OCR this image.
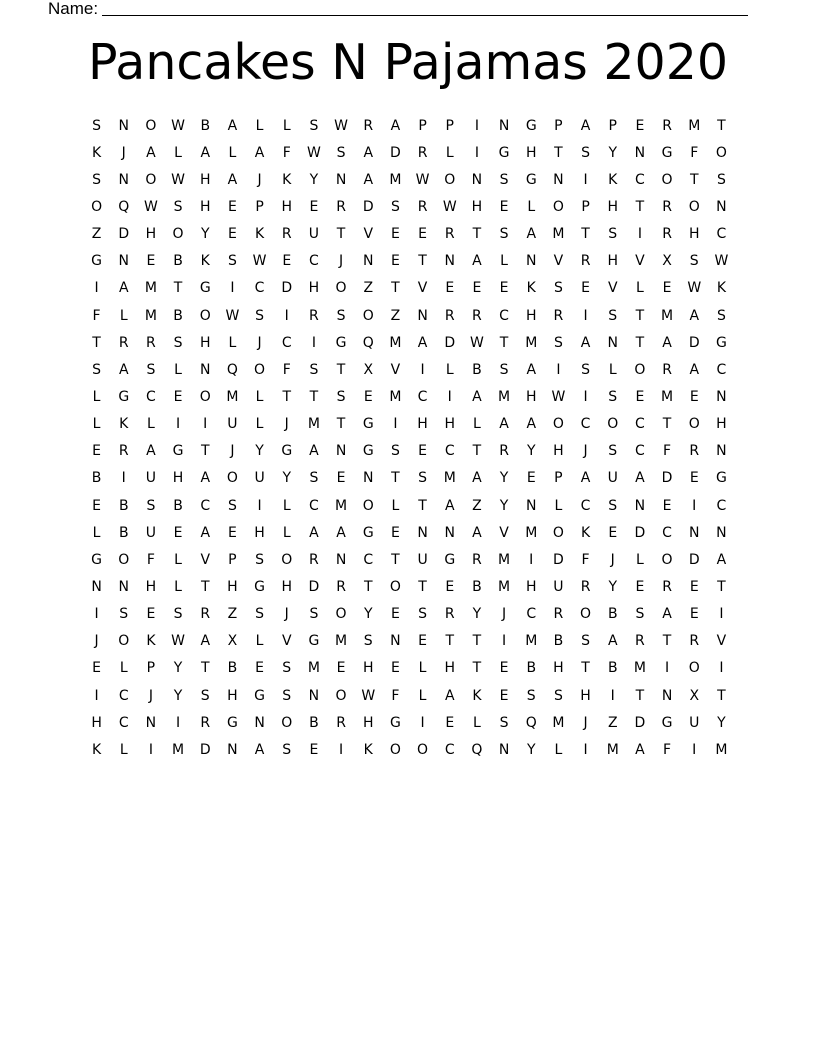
Name:
Pancakes N Pajamas 2020
S	N	O	W	B	A	L	L	S	W	R	A	P	P	I	N	G	P	A	P	E	R	M	T
K	J	A	L	A	L	A	F	W	S	A	D	R	L	I	G	H	T	S	Y	N	G	F	O
S	N	O	W	H	A	J	K	Y	N	A	M	W	O	N	S	G	N	I	K	C	O	T	S
O	Q	W	S	H	E	P	H	E	R	D	S	R	W	H	E	L	O	P	H	T	R	O	N
Z	D	H	O	Y	E	K	R	U	T	V	E	E	R	T	S	A	M	T	S	I	R	H	C
G	N	E	B	K	S	W	E	C	J	N	E	T	N	A	L	N	V	R	H	V	X	S	W
I	A	M	T	G	I	C	D	H	O	Z	T	V	E	E	E	K	S	E	V	L	E	W	K
F	L	M	B	O	W	S	I	R	S	O	Z	N	R	R	C	H	R	I	S	T	M	A	S
T	R	R	S	H	L	J	C	I	G	Q	M	A	D	W	T	M	S	A	N	T	A	D	G
S	A	S	L	N	Q	O	F	S	T	X	V	I	L	B	S	A	I	S	L	O	R	A	C
L	G	C	E	O	M	L	T	T	S	E	M	C	I	A	M	H	W	I	S	E	M	E	N
L	K	L	I	I	U	L	J	M	T	G	I	H	H	L	A	A	O	C	O	C	T	O	H
E	R	A	G	T	J	Y	G	A	N	G	S	E	C	T	R	Y	H	J	S	C	F	R	N
B	I	U	H	A	O	U	Y	S	E	N	T	S	M	A	Y	E	P	A	U	A	D	E	G
E	B	S	B	C	S	I	L	C	M	O	L	T	A	Z	Y	N	L	C	S	N	E	I	C
L	B	U	E	A	E	H	L	A	A	G	E	N	N	A	V	M	O	K	E	D	C	N	N
G	O	F	L	V	P	S	O	R	N	C	T	U	G	R	M	I	D	F	J	L	O	D	A
N	N	H	L	T	H	G	H	D	R	T	O	T	E	B	M	H	U	R	Y	E	R	E	T
I	S	E	S	R	Z	S	J	S	O	Y	E	S	R	Y	J	C	R	O	B	S	A	E	I
J	O	K	W	A	X	L	V	G	M	S	N	E	T	T	I	M	B	S	A	R	T	R	V
E	L	P	Y	T	B	E	S	M	E	H	E	L	H	T	E	B	H	T	B	M	I	O	I
I	C	J	Y	S	H	G	S	N	O	W	F	L	A	K	E	S	S	H	I	T	N	X	T
H	C	N	I	R	G	N	O	B	R	H	G	I	E	L	S	Q	M	J	Z	D	G	U	Y
K	L	I	M	D	N	A	S	E	I	K	O	O	C	Q	N	Y	L	I	M	A	F	I	M
